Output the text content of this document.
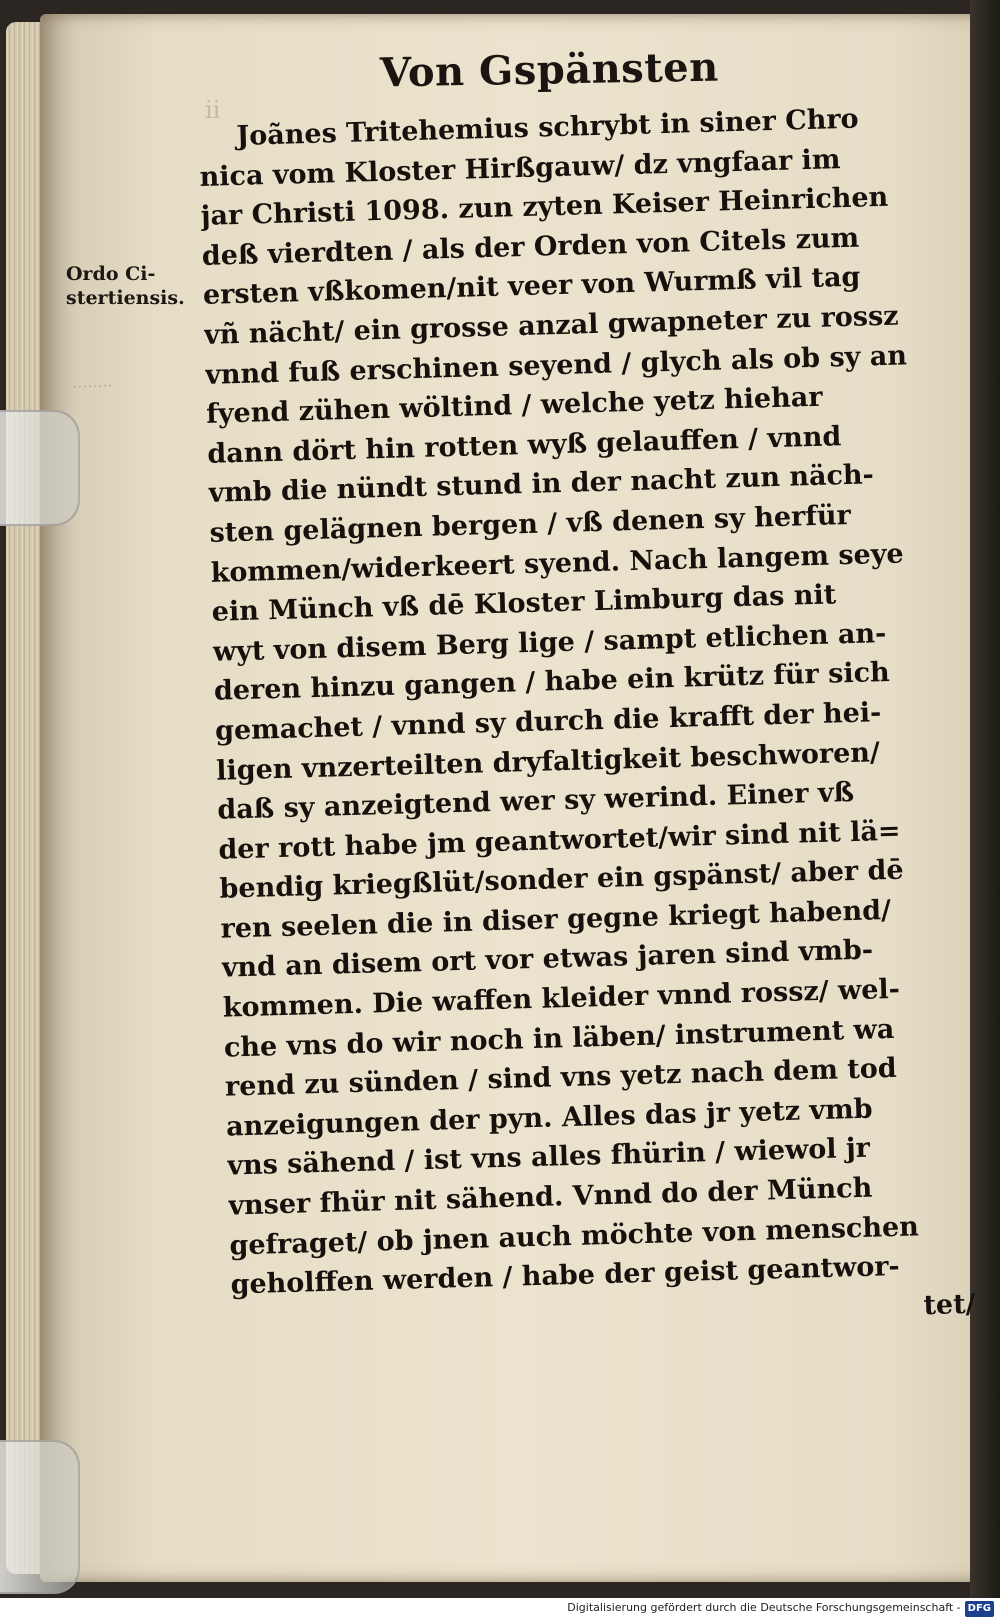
ii
........
Von Gspänsten
Ordo Ci-
stertiensis.
Joãnes Tritehemius schrybt in siner Chro
nica vom Kloster Hirßgauw/ dz vngfaar im
jar Christi 1098. zun zyten Keiser Heinrichen
deß vierdten / als der Orden von Citels zum
ersten vßkomen/nit veer von Wurmß vil tag
vñ nächt/ ein grosse anzal gwapneter zu rossz
vnnd fuß erschinen seyend / glych als ob sy an
fyend zühen wöltind / welche yetz hiehar
dann dört hin rotten wyß gelauffen / vnnd
vmb die nündt stund in der nacht zun näch-
sten gelägnen bergen / vß denen sy herfür
kommen/widerkeert syend. Nach langem seye
ein Münch vß dē Kloster Limburg das nit
wyt von disem Berg lige / sampt etlichen an-
deren hinzu gangen / habe ein krütz für sich
gemachet / vnnd sy durch die krafft der hei-
ligen vnzerteilten dryfaltigkeit beschworen/
daß sy anzeigtend wer sy werind. Einer vß
der rott habe jm geantwortet/wir sind nit lä=
bendig kriegßlüt/sonder ein gspänst/ aber dē
ren seelen die in diser gegne kriegt habend/
vnd an disem ort vor etwas jaren sind vmb-
kommen. Die waffen kleider vnnd rossz/ wel-
che vns do wir noch in läben/ instrument wa
rend zu sünden / sind vns yetz nach dem tod
anzeigungen der pyn. Alles das jr yetz vmb
vns sähend / ist vns alles fhürin / wiewol jr
vnser fhür nit sähend. Vnnd do der Münch
gefraget/ ob jnen auch möchte von menschen
geholffen werden / habe der geist geantwor-
tet/
Digitalisierung gefördert durch die Deutsche Forschungsgemeinschaft - DFG
